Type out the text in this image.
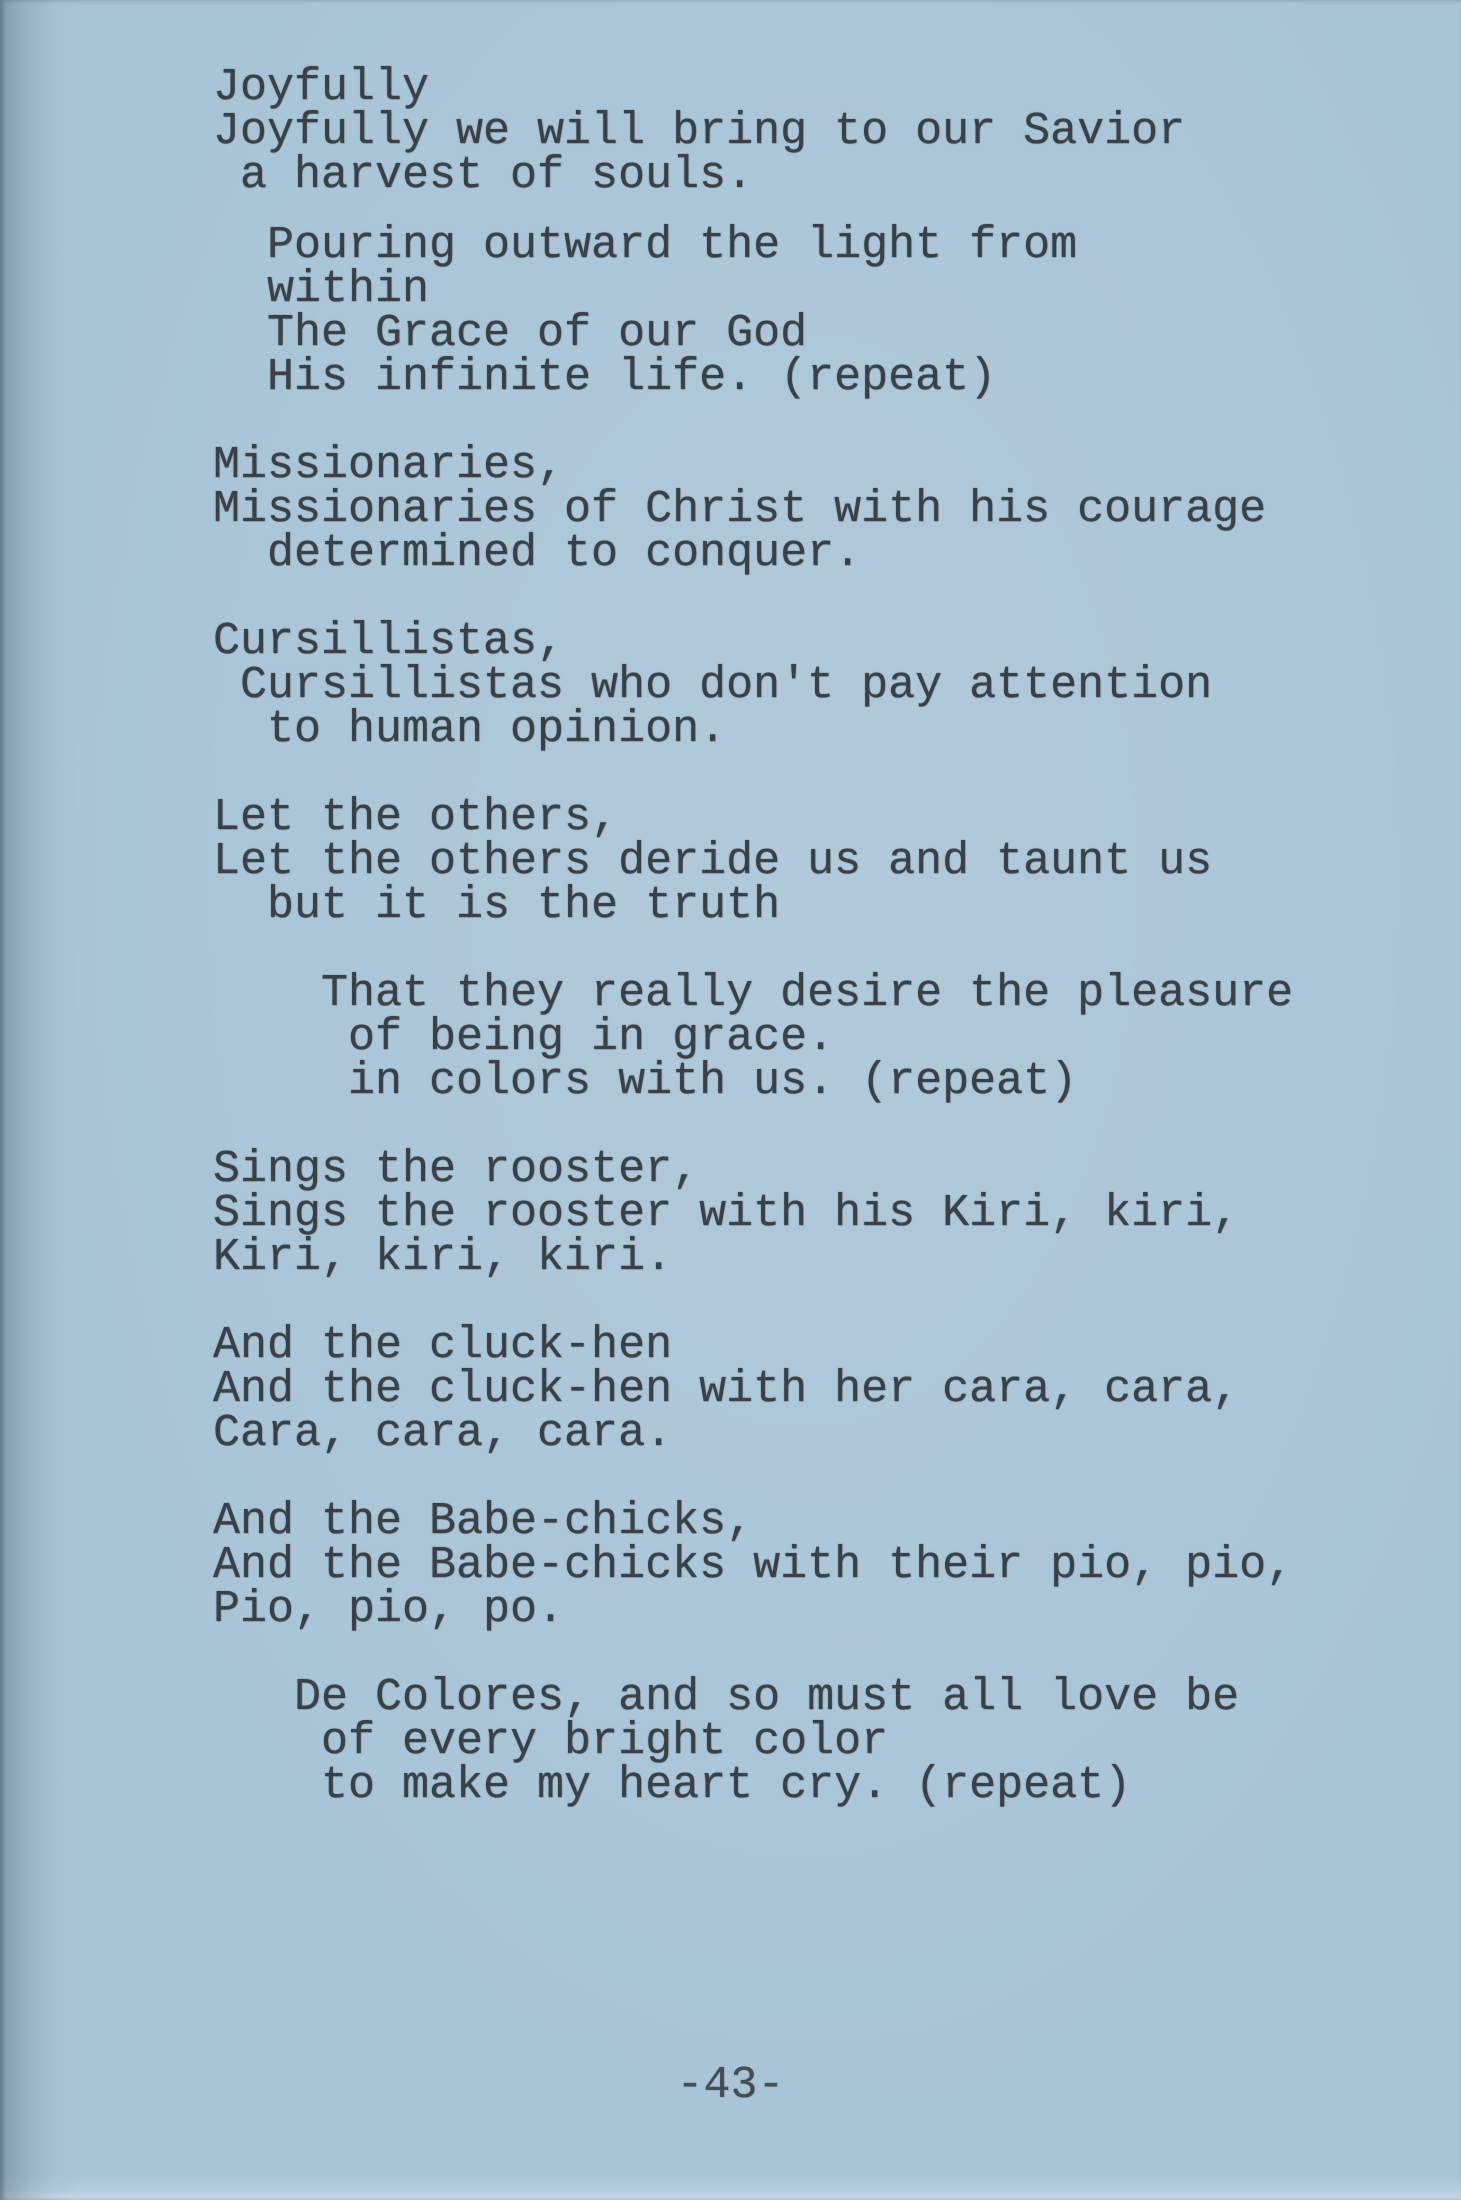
Joyfully
Joyfully we will bring to our Savior
a harvest of souls.
Pouring outward the light from
within
The Grace of our God
His infinite life. (repeat)
Missionaries,
Missionaries of Christ with his courage
determined to conquer.
Cursillistas,
Cursillistas who don't pay attention
to human opinion.
Let the others,
Let the others deride us and taunt us
but it is the truth
That they really desire the pleasure
of being in grace.
in colors with us. (repeat)
Sings the rooster,
Sings the rooster with his Kiri, kiri,
Kiri, kiri, kiri.
And the cluck-hen
And the cluck-hen with her cara, cara,
Cara, cara, cara.
And the Babe-chicks,
And the Babe-chicks with their pio, pio,
Pio, pio, po.
De Colores, and so must all love be
of every bright color
to make my heart cry. (repeat)
-43-
